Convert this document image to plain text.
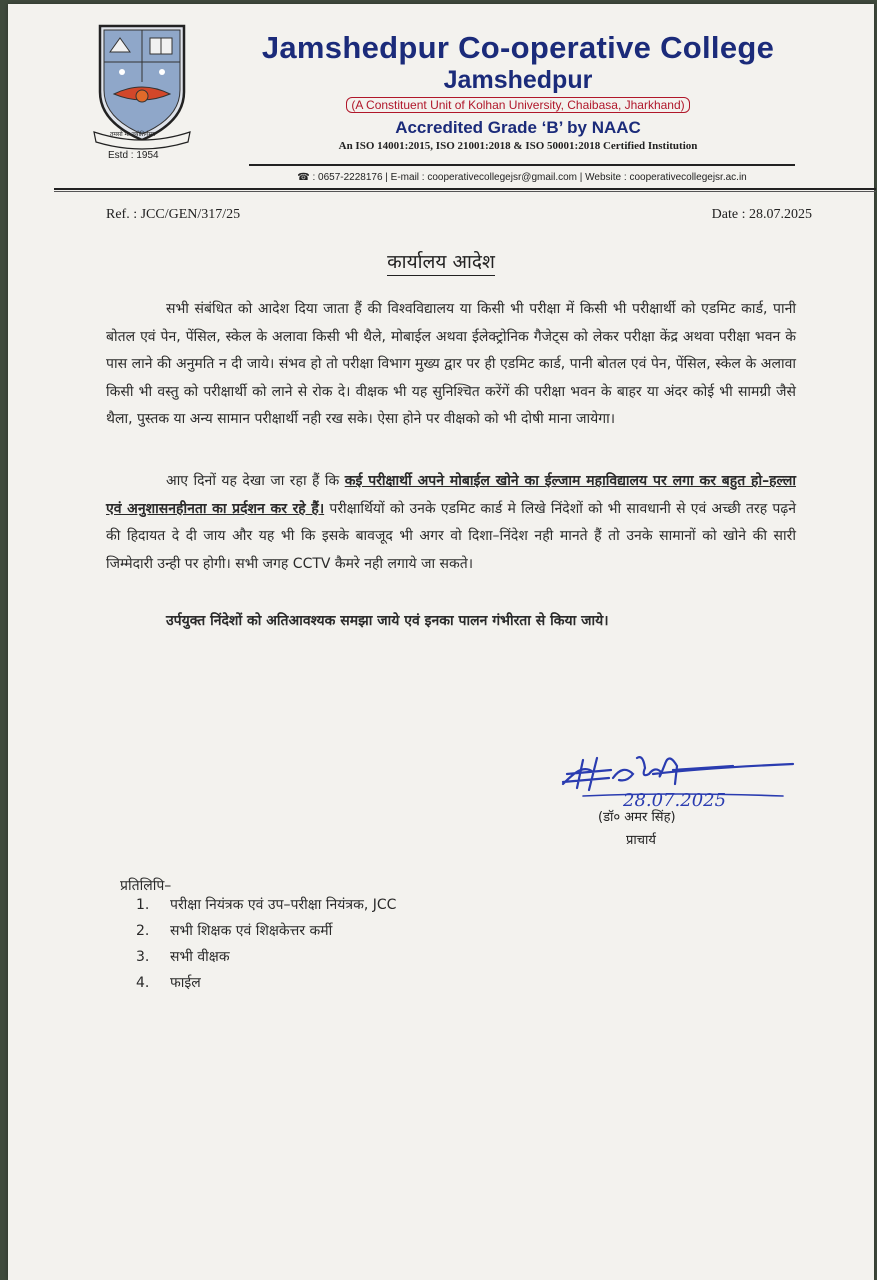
तमसो मा ज्योतिर्गमय
Estd : 1954
Jamshedpur Co-operative College
Jamshedpur
(A Constituent Unit of Kolhan University, Chaibasa, Jharkhand)
Accredited Grade ‘B’ by NAAC
An ISO 14001:2015, ISO 21001:2018 & ISO 50001:2018 Certified Institution
☎ : 0657-2228176 | E-mail : cooperativecollegejsr@gmail.com | Website : cooperativecollegejsr.ac.in
Ref. : JCC/GEN/317/25	Date : 28.07.2025
कार्यालय आदेश
सभी संबंधित को आदेश दिया जाता हैं की विश्वविद्यालय या किसी भी परीक्षा में किसी भी परीक्षार्थी को एडमिट कार्ड, पानी बोतल एवं पेन, पेंसिल, स्केल के अलावा किसी भी थैले, मोबाईल अथवा ईलेक्ट्रोनिक गैजेट्स को लेकर परीक्षा केंद्र अथवा परीक्षा भवन के पास लाने की अनुमति न दी जाये। संभव हो तो परीक्षा विभाग मुख्य द्वार पर ही एडमिट कार्ड, पानी बोतल एवं पेन, पेंसिल, स्केल के अलावा किसी भी वस्तु को परीक्षार्थी को लाने से रोक दे। वीक्षक भी यह सुनिश्चित करेंगें की परीक्षा भवन के बाहर या अंदर कोई भी सामग्री जैसे थैला, पुस्तक या अन्य सामान परीक्षार्थी नही रख सके। ऐसा होने पर वीक्षको को भी दोषी माना जायेगा।
आए दिनों यह देखा जा रहा हैं कि कई परीक्षार्थी अपने मोबाईल खोने का ईल्जाम महाविद्यालय पर लगा कर बहुत हो–हल्ला एवं अनुशासनहीनता का प्रर्दशन कर रहे हैं। परीक्षार्थियों को उनके एडमिट कार्ड मे लिखे निंदेशों को भी सावधानी से एवं अच्छी तरह पढ़ने की हिदायत दे दी जाय और यह भी कि इसके बावजूद भी अगर वो दिशा–निंदेश नही मानते हैं तो उनके सामानों को खोने की सारी जिम्मेदारी उन्ही पर होगी। सभी जगह CCTV कैमरे नही लगाये जा सकते।
उर्पयुक्त निंदेशों को अतिआवश्यक समझा जाये एवं इनका पालन गंभीरता से किया जाये।
28.07.2025
(डॉ० अमर सिंह)
प्राचार्य
प्रतिलिपि–
1. परीक्षा नियंत्रक एवं उप–परीक्षा नियंत्रक, JCC
2. सभी शिक्षक एवं शिक्षकेत्तर कर्मी
3. सभी वीक्षक
4. फाईल
